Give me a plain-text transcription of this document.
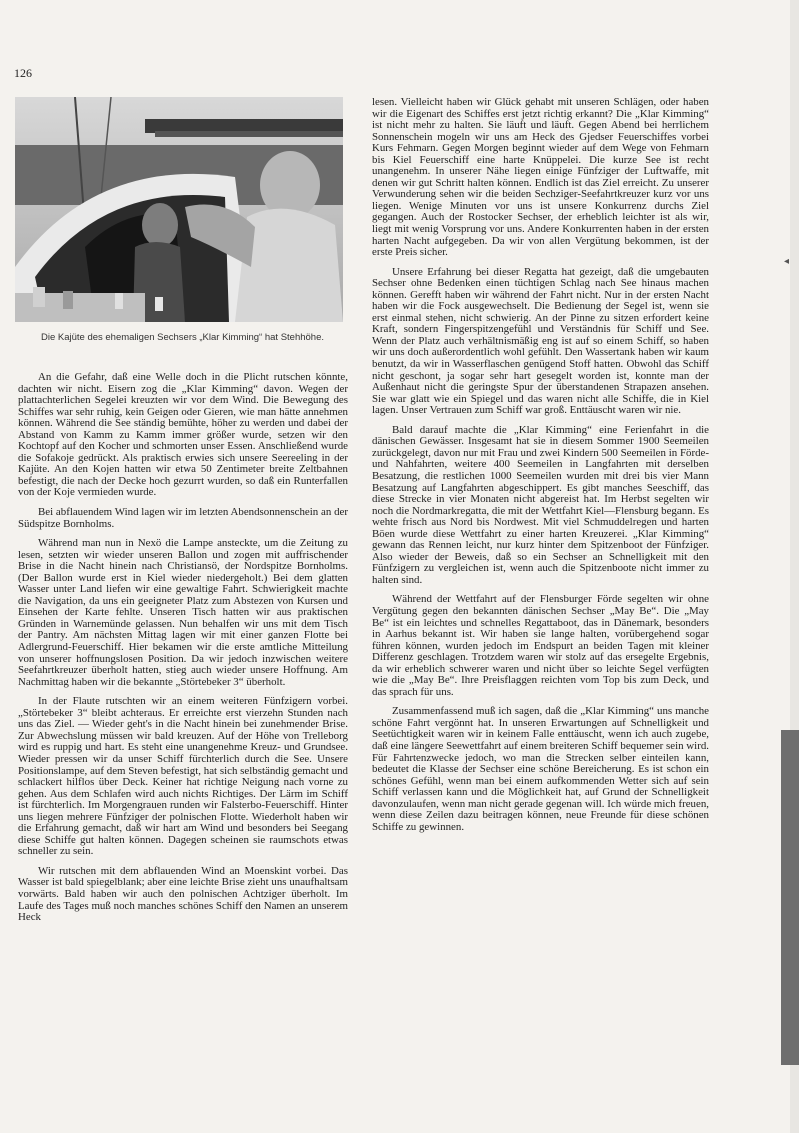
◂
126
Die Kajüte des ehemaligen Sechsers „Klar Kimming“ hat Stehhöhe.

An die Gefahr, daß eine Welle doch in die Plicht rutschen könnte, dachten wir nicht. Eisern zog die „Klar Kimming“ davon. Wegen der plattachterlichen Segelei kreuzten wir vor dem Wind. Die Bewegung des Schiffes war sehr ruhig, kein Geigen oder Gieren, wie man hätte annehmen können. Während die See ständig bemühte, höher zu werden und dabei der Abstand von Kamm zu Kamm immer größer wurde, setzen wir den Kochtopf auf den Kocher und schmorten unser Essen. Anschließend wurde die Sofakoje gedrückt. Als praktisch erwies sich unsere Seereeling in der Kajüte. An den Kojen hatten wir etwa 50 Zentimeter breite Zeltbahnen befestigt, die nach der Decke hoch gezurrt wurden, so daß ein Runterfallen von der Koje vermieden wurde.

Bei abflauendem Wind lagen wir im letzten Abendsonnenschein an der Südspitze Bornholms.

Während man nun in Nexö die Lampe ansteckte, um die Zeitung zu lesen, setzten wir wieder unseren Ballon und zogen mit auffrischender Brise in die Nacht hinein nach Christiansö, der Nordspitze Bornholms. (Der Ballon wurde erst in Kiel wieder niedergeholt.) Bei dem glatten Wasser unter Land liefen wir eine gewaltige Fahrt. Schwierigkeit machte die Navigation, da uns ein geeigneter Platz zum Abstezen von Kursen und Einsehen der Karte fehlte. Unseren Tisch hatten wir aus praktischen Gründen in Warnemünde gelassen. Nun behalfen wir uns mit dem Tisch der Pantry. Am nächsten Mittag lagen wir mit einer ganzen Flotte bei Adlergrund-Feuerschiff. Hier bekamen wir die erste amtliche Mitteilung von unserer hoffnungslosen Position. Da wir jedoch inzwischen weitere Seefahrtkreuzer überholt hatten, stieg auch wieder unsere Hoffnung. Am Nachmittag haben wir die bekannte „Störtebeker 3“ überholt.

In der Flaute rutschten wir an einem weiteren Fünfzigern vorbei. „Störtebeker 3“ bleibt achteraus. Er erreichte erst vierzehn Stunden nach uns das Ziel. — Wieder geht's in die Nacht hinein bei zunehmender Brise. Zur Abwechslung müssen wir bald kreuzen. Auf der Höhe von Trelleborg wird es ruppig und hart. Es steht eine unangenehme Kreuz- und Grundsee. Wieder pressen wir da unser Schiff fürchterlich durch die See. Unsere Positionslampe, auf dem Steven befestigt, hat sich selbständig gemacht und schlackert hilflos über Deck. Keiner hat richtige Neigung nach vorne zu gehen. Aus dem Schlafen wird auch nichts Richtiges. Der Lärm im Schiff ist fürchterlich. Im Morgengrauen runden wir Falsterbo-Feuerschiff. Hinter uns liegen mehrere Fünfziger der polnischen Flotte. Wiederholt haben wir die Erfahrung gemacht, daß wir hart am Wind und besonders bei Seegang diese Schiffe gut halten können. Dagegen scheinen sie raumschots etwas schneller zu sein.

Wir rutschen mit dem abflauenden Wind an Moenskint vorbei. Das Wasser ist bald spiegelblank; aber eine leichte Brise zieht uns unaufhaltsam vorwärts. Bald haben wir auch den polnischen Achtziger überholt. Im Laufe des Tages muß noch manches schönes Schiff den Namen an unserem Heck

lesen. Vielleicht haben wir Glück gehabt mit unseren Schlägen, oder haben wir die Eigenart des Schiffes erst jetzt richtig erkannt? Die „Klar Kimming“ ist nicht mehr zu halten. Sie läuft und läuft. Gegen Abend bei herrlichem Sonnenschein mogeln wir uns am Heck des Gjedser Feuerschiffes vorbei Kurs Fehmarn. Gegen Morgen beginnt wieder auf dem Wege von Fehmarn bis Kiel Feuerschiff eine harte Knüppelei. Die kurze See ist recht unangenehm. In unserer Nähe liegen einige Fünfziger der Luftwaffe, mit denen wir gut Schritt halten können. Endlich ist das Ziel erreicht. Zu unserer Verwunderung sehen wir die beiden Sechziger-Seefahrtkreuzer kurz vor uns liegen. Wenige Minuten vor uns ist unsere Konkurrenz durchs Ziel gegangen. Auch der Rostocker Sechser, der erheblich leichter ist als wir, liegt mit wenig Vorsprung vor uns. Andere Konkurrenten haben in der ersten harten Nacht aufgegeben. Da wir von allen Vergütung bekommen, ist der erste Preis sicher.

Unsere Erfahrung bei dieser Regatta hat gezeigt, daß die umgebauten Sechser ohne Bedenken einen tüchtigen Schlag nach See hinaus machen können. Gerefft haben wir während der Fahrt nicht. Nur in der ersten Nacht haben wir die Fock ausgewechselt. Die Bedienung der Segel ist, wenn sie erst einmal stehen, nicht schwierig. An der Pinne zu sitzen erfordert keine Kraft, sondern Fingerspitzengefühl und Verständnis für Schiff und See. Wenn der Platz auch verhältnismäßig eng ist auf so einem Schiff, so haben wir uns doch außerordentlich wohl gefühlt. Den Wassertank haben wir kaum benutzt, da wir in Wasserflaschen genügend Stoff hatten. Obwohl das Schiff nicht geschont, ja sogar sehr hart gesegelt worden ist, konnte man der Außenhaut nicht die geringste Spur der überstandenen Strapazen ansehen. Sie war glatt wie ein Spiegel und das waren nicht alle Schiffe, die in Kiel lagen. Unser Vertrauen zum Schiff war groß. Enttäuscht waren wir nie.

Bald darauf machte die „Klar Kimming“ eine Ferienfahrt in die dänischen Gewässer. Insgesamt hat sie in diesem Sommer 1900 Seemeilen zurückgelegt, davon nur mit Frau und zwei Kindern 500 Seemeilen in Förde- und Nahfahrten, weitere 400 Seemeilen in Langfahrten mit derselben Besatzung, die restlichen 1000 Seemeilen wurden mit drei bis vier Mann Besatzung auf Langfahrten abgeschippert. Es gibt manches Seeschiff, das diese Strecke in vier Monaten nicht abgereist hat. Im Herbst segelten wir noch die Nordmarkregatta, die mit der Wettfahrt Kiel—Flensburg begann. Es wehte frisch aus Nord bis Nordwest. Mit viel Schmuddelregen und harten Böen wurde diese Wettfahrt zu einer harten Kreuzerei. „Klar Kimming“ gewann das Rennen leicht, nur kurz hinter dem Spitzenboot der Fünfziger. Also wieder der Beweis, daß so ein Sechser an Schnelligkeit mit den Fünfzigern zu vergleichen ist, wenn auch die Spitzenboote nicht immer zu halten sind.

Während der Wettfahrt auf der Flensburger Förde segelten wir ohne Vergütung gegen den bekannten dänischen Sechser „May Be“. Die „May Be“ ist ein leichtes und schnelles Regattaboot, das in Dänemark, besonders in Aarhus bekannt ist. Wir haben sie lange halten, vorübergehend sogar führen können, wurden jedoch im Endspurt an beiden Tagen mit kleiner Differenz geschlagen. Trotzdem waren wir stolz auf das ersegelte Ergebnis, da wir erheblich schwerer waren und nicht über so leichte Segel verfügten wie die „May Be“. Ihre Preisflaggen reichten vom Top bis zum Deck, und das sprach für uns.

Zusammenfassend muß ich sagen, daß die „Klar Kimming“ uns manche schöne Fahrt vergönnt hat. In unseren Erwartungen auf Schnelligkeit und Seetüchtigkeit waren wir in keinem Falle enttäuscht, wenn ich auch zugebe, daß eine längere Seewettfahrt auf einem breiteren Schiff bequemer sein wird. Für Fahrtenzwecke jedoch, wo man die Strecken selber einteilen kann, bedeutet die Klasse der Sechser eine schöne Bereicherung. Es ist schon ein schönes Gefühl, wenn man bei einem aufkommenden Wetter sich auf sein Schiff verlassen kann und die Möglichkeit hat, auf Grund der Schnelligkeit davonzulaufen, wenn man nicht gerade gegenan will. Ich würde mich freuen, wenn diese Zeilen dazu beitragen können, neue Freunde für diese schönen Schiffe zu gewinnen.
